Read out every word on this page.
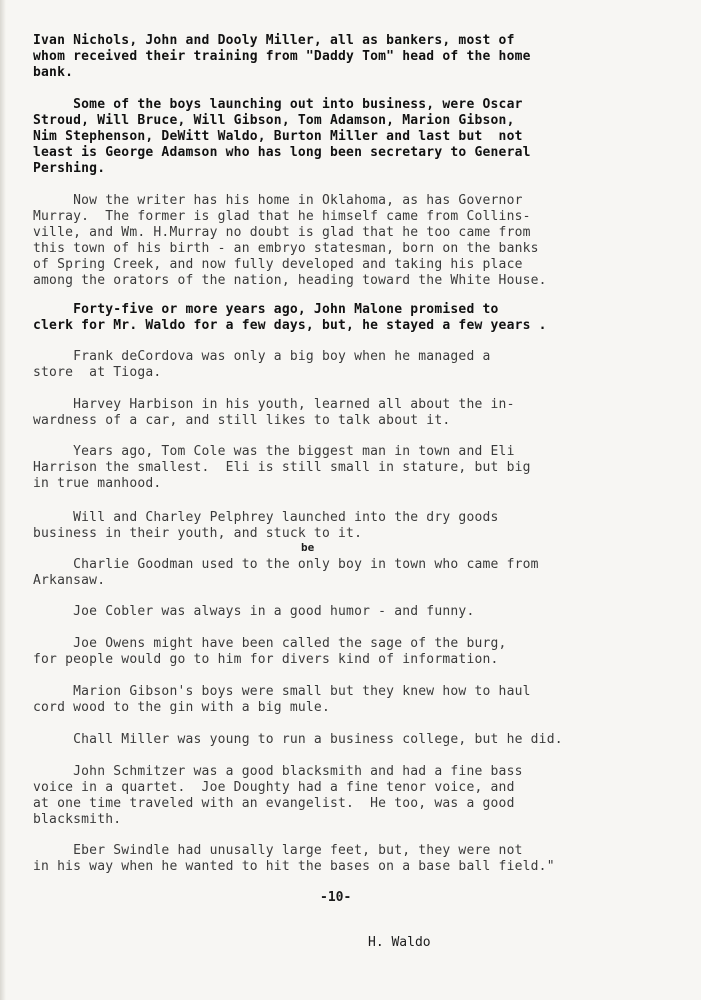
Ivan Nichols, John and Dooly Miller, all as bankers, most of
whom received their training from "Daddy Tom" head of the home
bank.
Some of the boys launching out into business, were Oscar
Stroud, Will Bruce, Will Gibson, Tom Adamson, Marion Gibson,
Nim Stephenson, DeWitt Waldo, Burton Miller and last but  not
least is George Adamson who has long been secretary to General
Pershing.
Now the writer has his home in Oklahoma, as has Governor
Murray.  The former is glad that he himself came from Collins-
ville, and Wm. H.Murray no doubt is glad that he too came from
this town of his birth - an embryo statesman, born on the banks
of Spring Creek, and now fully developed and taking his place
among the orators of the nation, heading toward the White House.
Forty-five or more years ago, John Malone promised to
clerk for Mr. Waldo for a few days, but, he stayed a few years .
Frank deCordova was only a big boy when he managed a
store  at Tioga.
Harvey Harbison in his youth, learned all about the in-
wardness of a car, and still likes to talk about it.
Years ago, Tom Cole was the biggest man in town and Eli
Harrison the smallest.  Eli is still small in stature, but big
in true manhood.
Will and Charley Pelphrey launched into the dry goods
business in their youth, and stuck to it.
Charlie Goodman used to the only boy in town who came from
Arkansaw.
Joe Cobler was always in a good humor - and funny.
Joe Owens might have been called the sage of the burg,
for people would go to him for divers kind of information.
Marion Gibson's boys were small but they knew how to haul
cord wood to the gin with a big mule.
Chall Miller was young to run a business college, but he did.
John Schmitzer was a good blacksmith and had a fine bass
voice in a quartet.  Joe Doughty had a fine tenor voice, and
at one time traveled with an evangelist.  He too, was a good
blacksmith.
Eber Swindle had unusally large feet, but, they were not
in his way when he wanted to hit the bases on a base ball field."
be
-10-
H. Waldo
